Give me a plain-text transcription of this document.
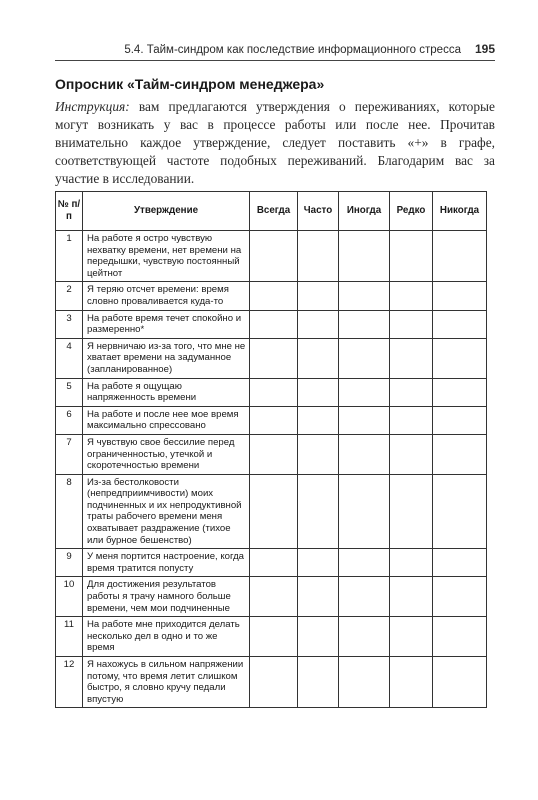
5.4. Тайм-синдром как последствие информационного стресса 195
Опросник «Тайм-синдром менеджера»
Инструкция: вам предлагаются утверждения о переживаниях, которые могут возникать у вас в процессе работы или после нее. Прочитав внимательно каждое утверждение, следует поставить «+» в графе, соответствующей частоте подобных переживаний. Благодарим вас за участие в исследовании.
№ п/п	Утверждение	Всегда	Часто	Иногда	Редко	Никогда
1	На работе я остро чувствую нехватку времени, нет времени на передышки, чувствую постоянный цейтнот					
2	Я теряю отсчет времени: время словно проваливается куда-то					
3	На работе время течет спокойно и размеренно*					
4	Я нервничаю из-за того, что мне не хватает времени на задуманное (запланированное)					
5	На работе я ощущаю напряженность времени					
6	На работе и после нее мое время максимально спрессовано					
7	Я чувствую свое бессилие перед ограниченностью, утечкой и скоротечностью времени					
8	Из-за бестолковости (непредприимчивости) моих подчиненных и их непродуктивной траты рабочего времени меня охватывает раздражение (тихое или бурное бешенство)					
9	У меня портится настроение, когда время тратится попусту					
10	Для достижения результатов работы я трачу намного больше времени, чем мои подчиненные					
11	На работе мне приходится делать несколько дел в одно и то же время					
12	Я нахожусь в сильном напряжении потому, что время летит слишком быстро, я словно кручу педали впустую					
